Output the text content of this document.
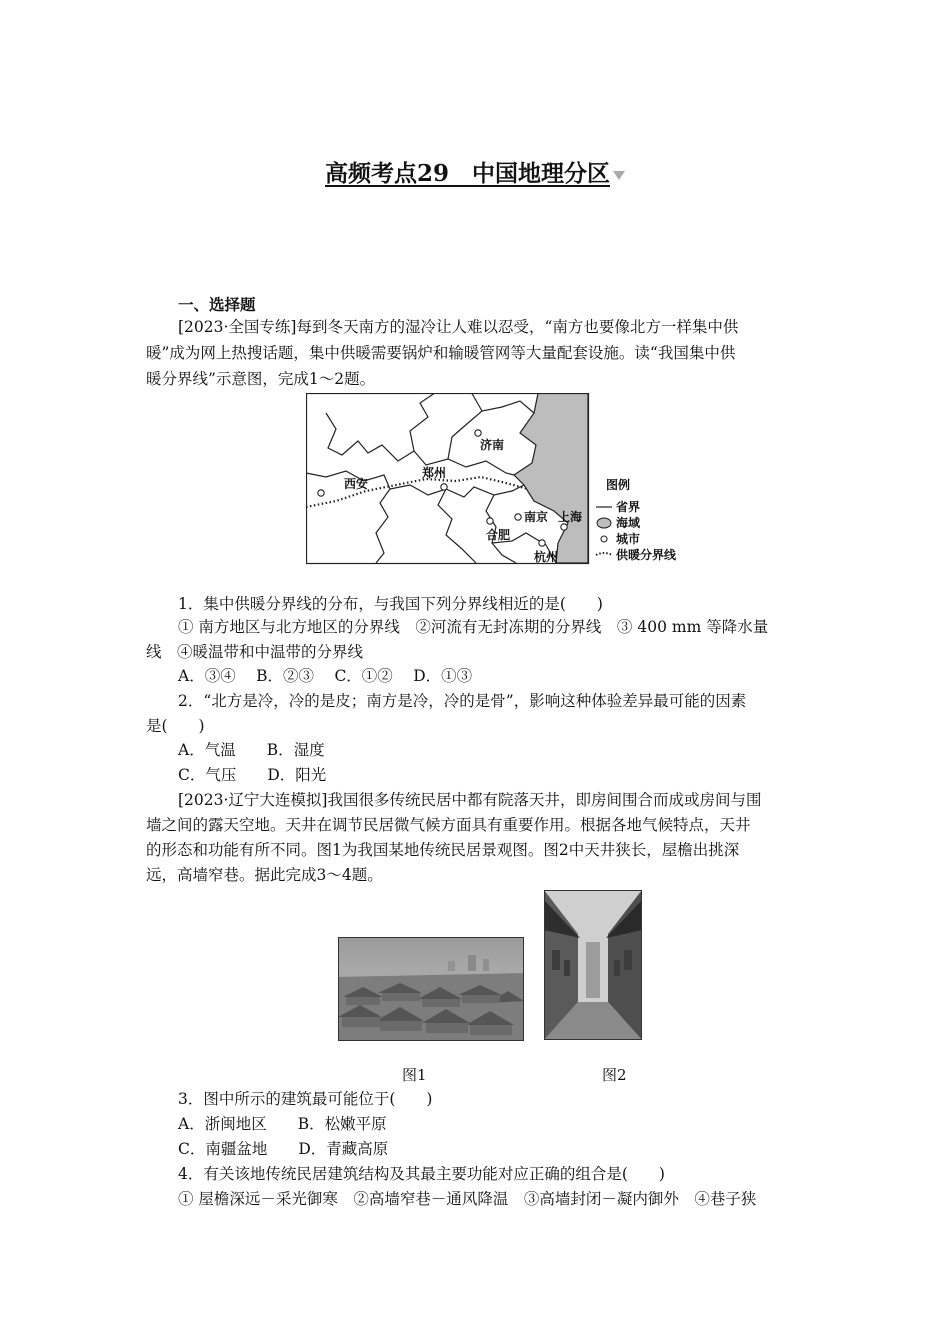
高频考点29　中国地理分区
一、选择题
[2023·全国专练]每到冬天南方的湿冷让人难以忍受，“南方也要像北方一样集中供
暖”成为网上热搜话题，集中供暖需要锅炉和输暖管网等大量配套设施。读“我国集中供
暖分界线”示意图，完成1～2题。
西安
郑州
济南
南京 上海
合肥
杭州
图例
省界
海域
城市
供暖分界线
1．集中供暖分界线的分布，与我国下列分界线相近的是(　　)
① 南方地区与北方地区的分界线　②河流有无封冻期的分界线　③ 400 mm 等降水量
线　④暖温带和中温带的分界线
A．③④　 B．②③　 C．①②　 D．①③
2．“北方是冷，冷的是皮；南方是冷，冷的是骨”，影响这种体验差异最可能的因素
是(　　)
A．气温　　B．湿度
C．气压　　D．阳光
[2023·辽宁大连模拟]我国很多传统民居中都有院落天井，即房间围合而成或房间与围
墙之间的露天空地。天井在调节民居微气候方面具有重要作用。根据各地气候特点，天井
的形态和功能有所不同。图1为我国某地传统民居景观图。图2中天井狭长，屋檐出挑深
远，高墙窄巷。据此完成3～4题。
图1	图2
3．图中所示的建筑最可能位于(　　)
A．浙闽地区　　B．松嫩平原
C．南疆盆地　　D．青藏高原
4．有关该地传统民居建筑结构及其最主要功能对应正确的组合是(　　)
① 屋檐深远－采光御寒　②高墙窄巷－通风降温　③高墙封闭－凝内御外　④巷子狭
